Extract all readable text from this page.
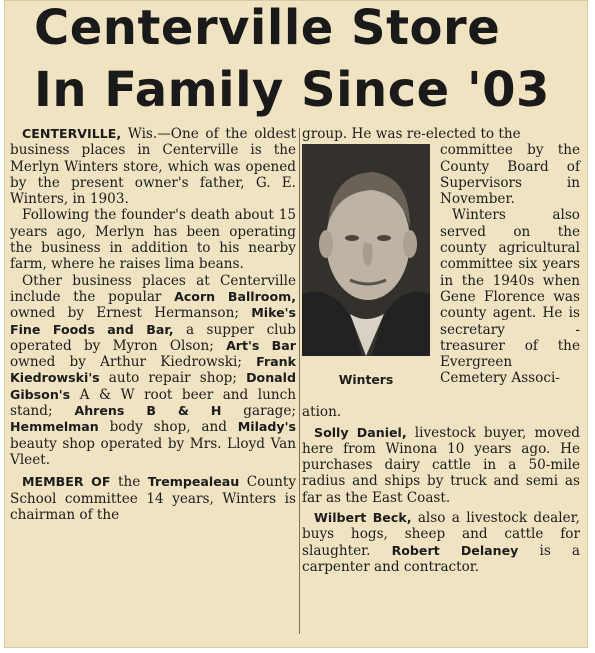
Centerville Store
In Family Since '03

CENTERVILLE, Wis.—One of the oldest business places in Centerville is the Merlyn Winters store, which was opened by the present owner's father, G. E. Winters, in 1903.

Following the founder's death about 15 years ago, Merlyn has been operating the business in addition to his nearby farm, where he raises lima beans.

Other business places at Centerville include the popular Acorn Ballroom, owned by Ernest Hermanson; Mike's Fine Foods and Bar, a supper club operated by Myron Olson; Art's Bar owned by Arthur Kiedrowski; Frank Kiedrowski's auto repair shop; Donald Gibson's A & W root beer and lunch stand; Ahrens B & H garage; Hemmelman body shop, and Milady's beauty shop operated by Mrs. Lloyd Van Vleet.

MEMBER OF the Trempealeau County School committee 14 years, Winters is chairman of the

group. He was re-elected to the

Winters

committee by the County Board of Supervisors in November.

Winters also served on the county agricultural committee six years in the 1940s when Gene Florence was county agent. He is secretary - treasurer of the Evergreen Cemetery Associ-

ation.

Solly Daniel, livestock buyer, moved here from Winona 10 years ago. He purchases dairy cattle in a 50-mile radius and ships by truck and semi as far as the East Coast.

Wilbert Beck, also a livestock dealer, buys hogs, sheep and cattle for slaughter. Robert Delaney is a carpenter and contractor.
